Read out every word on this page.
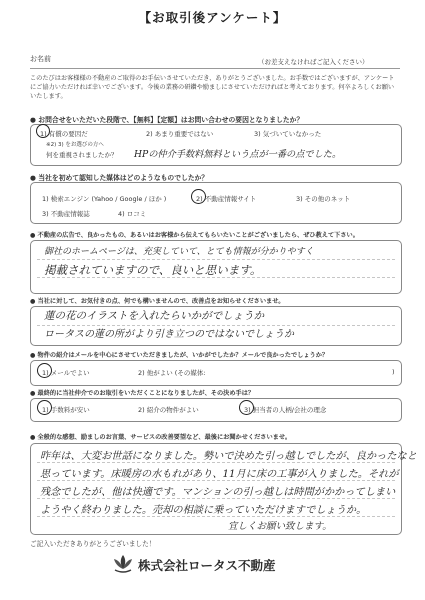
【お取引後アンケート】
お名前	（お差支えなければご記入ください）
このたびはお客様様の不動産のご取得のお手伝いさせていただき、ありがとうございました。お手数ではございますが、アンケートにご協力いただければ幸いでございます。今後の業務の研鑽や励ましにさせていただければと考えております。何卒よろしくお願いいたします。
● お問合せをいただいた段階で、【無料】【定額】はお問い合わせの要因となりましたか？
1) 有償の要因だ	2) あまり重要ではない	3) 気づいていなかった
※2) 3) をお選びの方へ
何を重視されましたか？ HPの仲介手数料無料という点が一番の点でした。
● 当社を初めて認知した媒体はどのようなものでしたか？
1) 検索エンジン (Yahoo / Google / ほか )	2) 不動産情報サイト	3) その他のネット
3) 不動産情報誌	4) ロコミ
● 不動産の広告で、良かったもの、あるいはお客様から伝えてもらいたいことがございましたら、ぜひ教えて下さい。
御社のホームページは、充実していて、とても情報が分かりやすく
掲載されていますので、良いと思います。
● 当社に対して、お気付きの点、何でも構いませんので、改善点をお知らせくださいませ。
蓮の花のイラストを入れたらいかがでしょうか
ロータスの蓮の所がより引き立つのではないでしょうか
● 物件の紹介はメールを中心にさせていただきましたが、いかがでしたか？メールで良かったでしょうか？
1) メールでよい	2) 他がよい (その媒体:	)
● 最終的に当社仲介でのお取引をいただくことになりましたが、その決め手は？
1) 手数料が安い	2) 紹介の物件がよい	3) 担当者の人柄/会社の理念
● 全般的な感想、励ましのお言葉、サービスの改善要望など、最後にお聞かせくださいませ。
昨年は、大変お世話になりました。勢いで決めた引っ越しでしたが、良かったなと
思っています。床暖房の水もれがあり、11月に床の工事が入りました。それが
残念でしたが、他は快適です。マンションの引っ越しは時間がかかってしまい
ようやく終わりました。売却の相談に乗っていただけますでしょうか。
宜しくお願い致します。
ご記入いただきありがとうございました！
株式会社ロータス不動産
